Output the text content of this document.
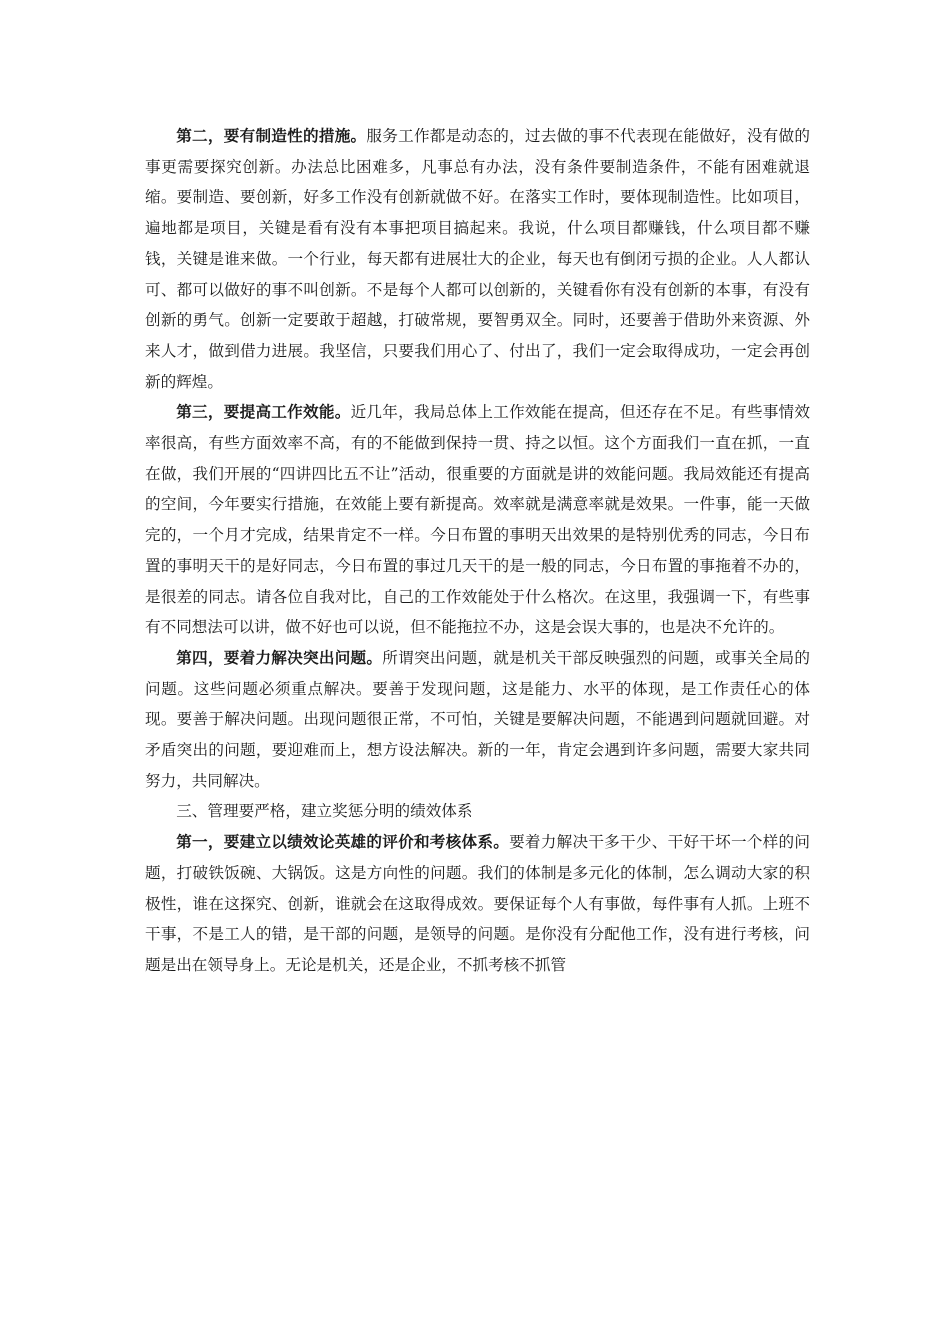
第二，要有制造性的措施。服务工作都是动态的，过去做的事不代表现在能做好，没有做的事更需要探究创新。办法总比困难多，凡事总有办法，没有条件要制造条件，不能有困难就退缩。要制造、要创新，好多工作没有创新就做不好。在落实工作时，要体现制造性。比如项目，遍地都是项目，关键是看有没有本事把项目搞起来。我说，什么项目都赚钱，什么项目都不赚钱，关键是谁来做。一个行业，每天都有进展壮大的企业，每天也有倒闭亏损的企业。人人都认可、都可以做好的事不叫创新。不是每个人都可以创新的，关键看你有没有创新的本事，有没有创新的勇气。创新一定要敢于超越，打破常规，要智勇双全。同时，还要善于借助外来资源、外来人才，做到借力进展。我坚信，只要我们用心了、付出了，我们一定会取得成功，一定会再创新的辉煌。

第三，要提高工作效能。近几年，我局总体上工作效能在提高，但还存在不足。有些事情效率很高，有些方面效率不高，有的不能做到保持一贯、持之以恒。这个方面我们一直在抓，一直在做，我们开展的“四讲四比五不让”活动，很重要的方面就是讲的效能问题。我局效能还有提高的空间，今年要实行措施，在效能上要有新提高。效率就是满意率就是效果。一件事，能一天做完的，一个月才完成，结果肯定不一样。今日布置的事明天出效果的是特别优秀的同志，今日布置的事明天干的是好同志，今日布置的事过几天干的是一般的同志，今日布置的事拖着不办的，是很差的同志。请各位自我对比，自己的工作效能处于什么格次。在这里，我强调一下，有些事有不同想法可以讲，做不好也可以说，但不能拖拉不办，这是会误大事的，也是决不允许的。

第四，要着力解决突出问题。所谓突出问题，就是机关干部反映强烈的问题，或事关全局的问题。这些问题必须重点解决。要善于发现问题，这是能力、水平的体现，是工作责任心的体现。要善于解决问题。出现问题很正常，不可怕，关键是要解决问题，不能遇到问题就回避。对矛盾突出的问题，要迎难而上，想方设法解决。新的一年，肯定会遇到许多问题，需要大家共同努力，共同解决。

三、管理要严格，建立奖惩分明的绩效体系

第一，要建立以绩效论英雄的评价和考核体系。要着力解决干多干少、干好干坏一个样的问题，打破铁饭碗、大锅饭。这是方向性的问题。我们的体制是多元化的体制，怎么调动大家的积极性，谁在这探究、创新，谁就会在这取得成效。要保证每个人有事做，每件事有人抓。上班不干事，不是工人的错，是干部的问题，是领导的问题。是你没有分配他工作，没有进行考核，问题是出在领导身上。无论是机关，还是企业，不抓考核不抓管
